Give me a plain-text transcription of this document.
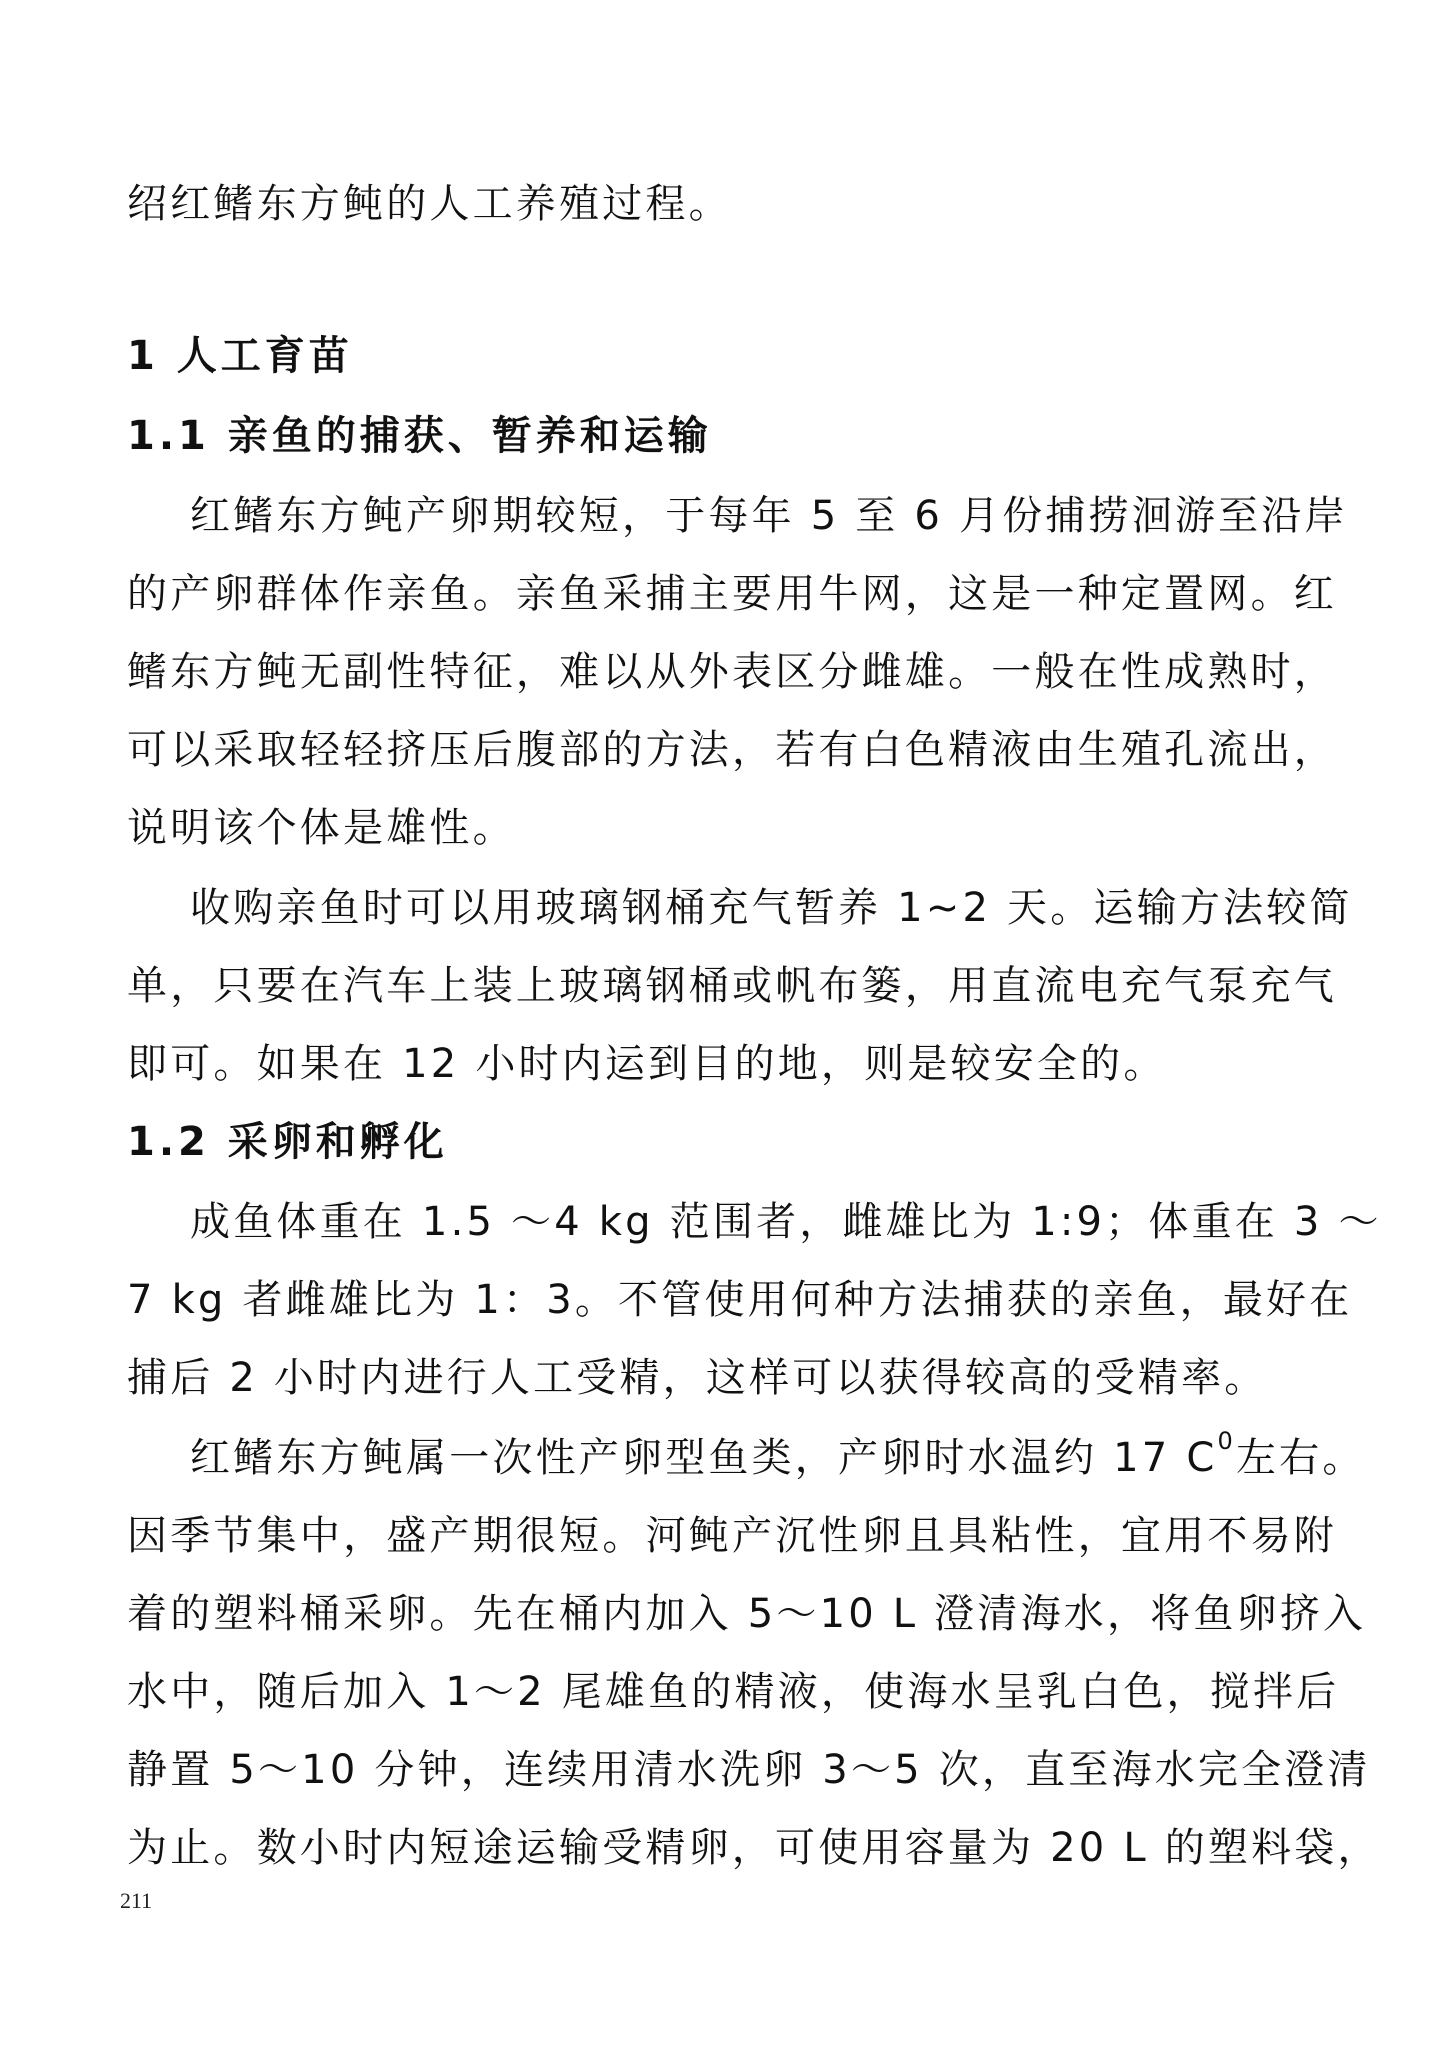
绍红鳍东方鲀的人工养殖过程。
1 人工育苗
1.1 亲鱼的捕获、暂养和运输
红鳍东方鲀产卵期较短，于每年 5 至 6 月份捕捞洄游至沿岸
的产卵群体作亲鱼。亲鱼采捕主要用牛网，这是一种定置网。红
鳍东方鲀无副性特征，难以从外表区分雌雄。一般在性成熟时，
可以采取轻轻挤压后腹部的方法，若有白色精液由生殖孔流出，
说明该个体是雄性。
收购亲鱼时可以用玻璃钢桶充气暂养 1~2 天。运输方法较简
单，只要在汽车上装上玻璃钢桶或帆布篓，用直流电充气泵充气
即可。如果在 12 小时内运到目的地，则是较安全的。
1.2 采卵和孵化
成鱼体重在 1.5 ～4 kg 范围者，雌雄比为 1:9；体重在 3 ～
7 kg 者雌雄比为 1：3。不管使用何种方法捕获的亲鱼，最好在
捕后 2 小时内进行人工受精，这样可以获得较高的受精率。
红鳍东方鲀属一次性产卵型鱼类，产卵时水温约 17 $C^0$左右。
因季节集中，盛产期很短。河鲀产沉性卵且具粘性，宜用不易附
着的塑料桶采卵。先在桶内加入 5～10 L 澄清海水，将鱼卵挤入
水中，随后加入 1～2 尾雄鱼的精液，使海水呈乳白色，搅拌后
静置 5～10 分钟，连续用清水洗卵 3～5 次，直至海水完全澄清
为止。数小时内短途运输受精卵，可使用容量为 20 L 的塑料袋，
211
